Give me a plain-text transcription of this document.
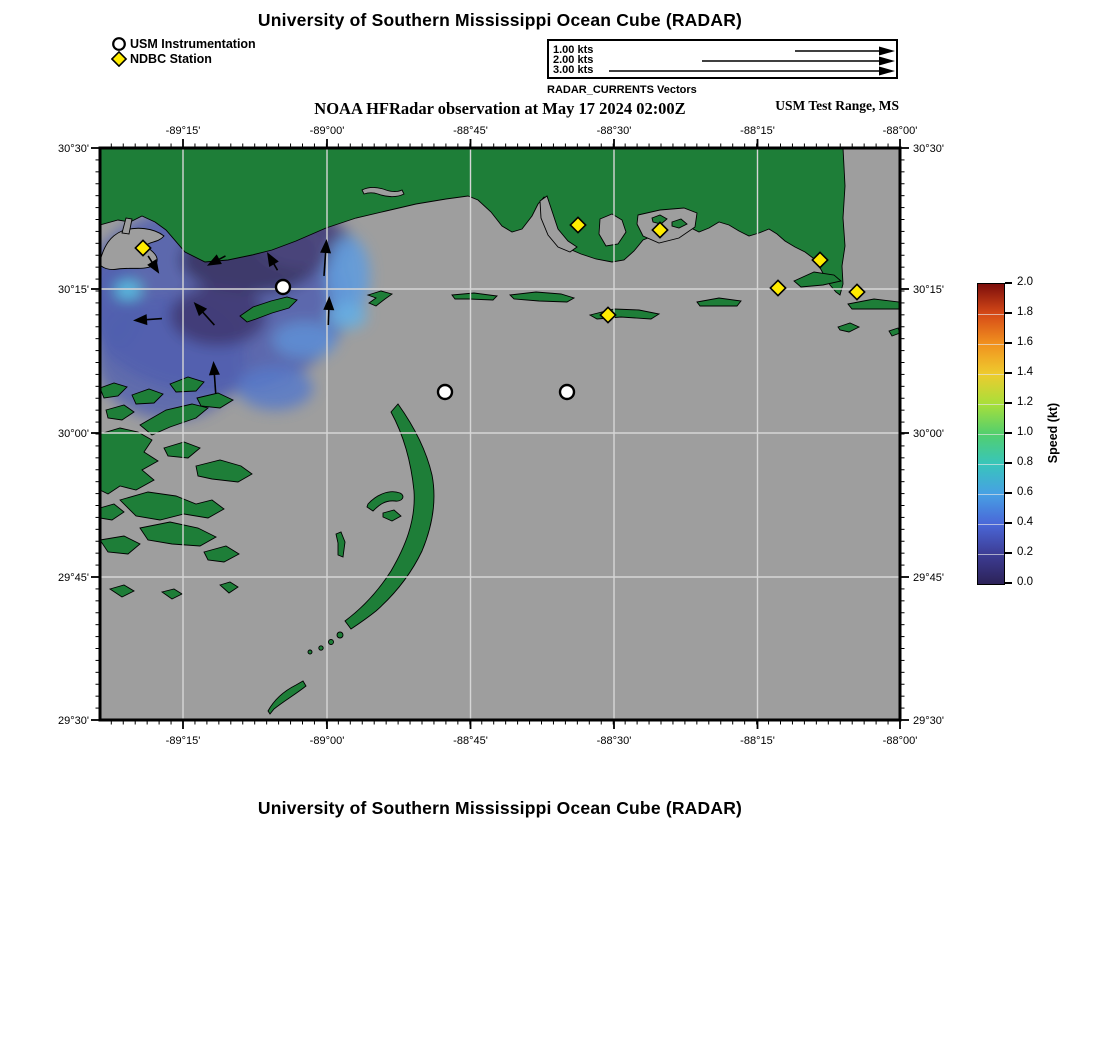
University of Southern Mississippi Ocean Cube (RADAR)
USM Instrumentation
NDBC Station
1.00 kts
2.00 kts
3.00 kts
RADAR_CURRENTS Vectors
NOAA HFRadar observation at May 17 2024 02:00Z	USM Test Range, MS
-89°15'	-89°00'	-88°45'	-88°30'	-88°15'	-88°00'
-89°15'	-89°00'	-88°45'	-88°30'	-88°15'	-88°00'
30°30'
30°15'
30°00'
29°45'
29°30'
30°30'
30°15'
30°00'
29°45'
29°30'
2.0
1.8
1.6
1.4
1.2
1.0
0.8
0.6
0.4
0.2
0.0
Speed (kt)
University of Southern Mississippi Ocean Cube (RADAR)
